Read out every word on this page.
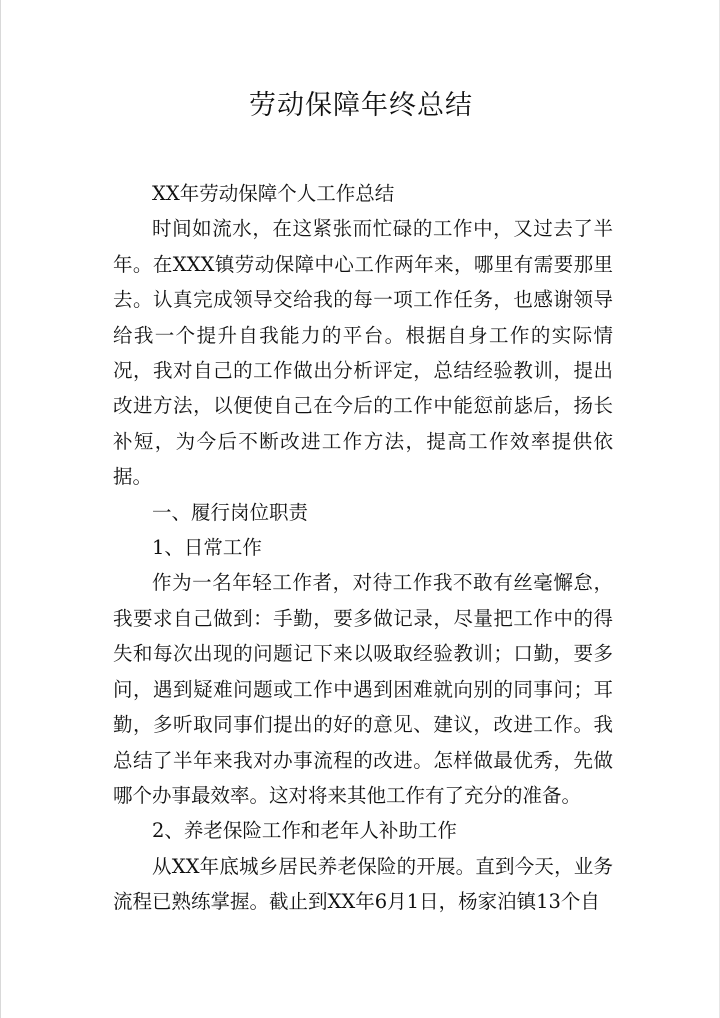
劳动保障年终总结

XX年劳动保障个人工作总结

时间如流水，在这紧张而忙碌的工作中，又过去了半年。在XXX镇劳动保障中心工作两年来，哪里有需要那里去。认真完成领导交给我的每一项工作任务，也感谢领导给我一个提升自我能力的平台。根据自身工作的实际情况，我对自己的工作做出分析评定，总结经验教训，提出改进方法，以便使自己在今后的工作中能愆前毖后，扬长补短，为今后不断改进工作方法，提高工作效率提供依据。

一、履行岗位职责

1、日常工作

作为一名年轻工作者，对待工作我不敢有丝毫懈怠，我要求自己做到：手勤，要多做记录，尽量把工作中的得失和每次出现的问题记下来以吸取经验教训；口勤，要多问，遇到疑难问题或工作中遇到困难就向别的同事问；耳勤，多听取同事们提出的好的意见、建议，改进工作。我总结了半年来我对办事流程的改进。怎样做最优秀，先做哪个办事最效率。这对将来其他工作有了充分的准备。

2、养老保险工作和老年人补助工作

从XX年底城乡居民养老保险的开展。直到今天，业务流程已熟练掌握。截止到XX年6月1日，杨家泊镇13个自
